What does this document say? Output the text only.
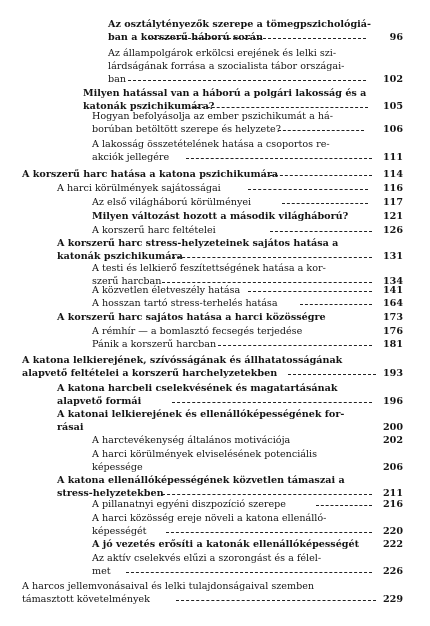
Az osztálytényezők szerepe a tömegpszichológiá-
ban a korszerű háború során	96
Az állampolgárok erkölcsi erejének és lelki szi-
lárdságának forrása a szocialista tábor országai-
ban	102
Milyen hatással van a háború a polgári lakosság és a
katonák pszichikumára?	105
Hogyan befolyásolja az ember pszichikumát a há-
borúban betöltött szerepe és helyzete?	106
A lakosság összetételének hatása a csoportos re-
akciók jellegére	111
A korszerű harc hatása a katona pszichikumára	114
A harci körülmények sajátosságai	116
Az első világháború körülményei	117
Milyen változást hozott a második világháború?	121
A korszerű harc feltételei	126
A korszerű harc stress-helyzeteinek sajátos hatása a
katonák pszichikumára	131
A testi és lelkierő feszítettségének hatása a kor-
szerű harcban	134
A közvetlen életveszély hatása	141
A hosszan tartó stress-terhelés hatása	164
A korszerű harc sajátos hatása a harci közösségre	173
A rémhír — a bomlasztó fecsegés terjedése	176
Pánik a korszerű harcban	181
A katona lelkierejének, szívósságának és állhatatosságának
alapvető feltételei a korszerű harchelyzetekben	193
A katona harcbeli cselekvésének és magatartásának
alapvető formái	196
A katonai lelkierejének és ellenállóképességének for-
rásai	200
A harctevékenység általános motivációja	202
A harci körülmények elviselésének potenciális
képessége	206
A katona ellenállóképességének közvetlen támaszai a
stress-helyzetekben	211
A pillanatnyi egyéni diszpozíció szerepe	216
A harci közösség ereje növeli a katona ellenálló-
képességét	220
A jó vezetés erősíti a katonák ellenállóképességét 222
Az aktív cselekvés elűzi a szorongást és a félel-
met	226
A harcos jellemvonásaival és lelki tulajdonságaival szemben
támasztott követelmények	229
